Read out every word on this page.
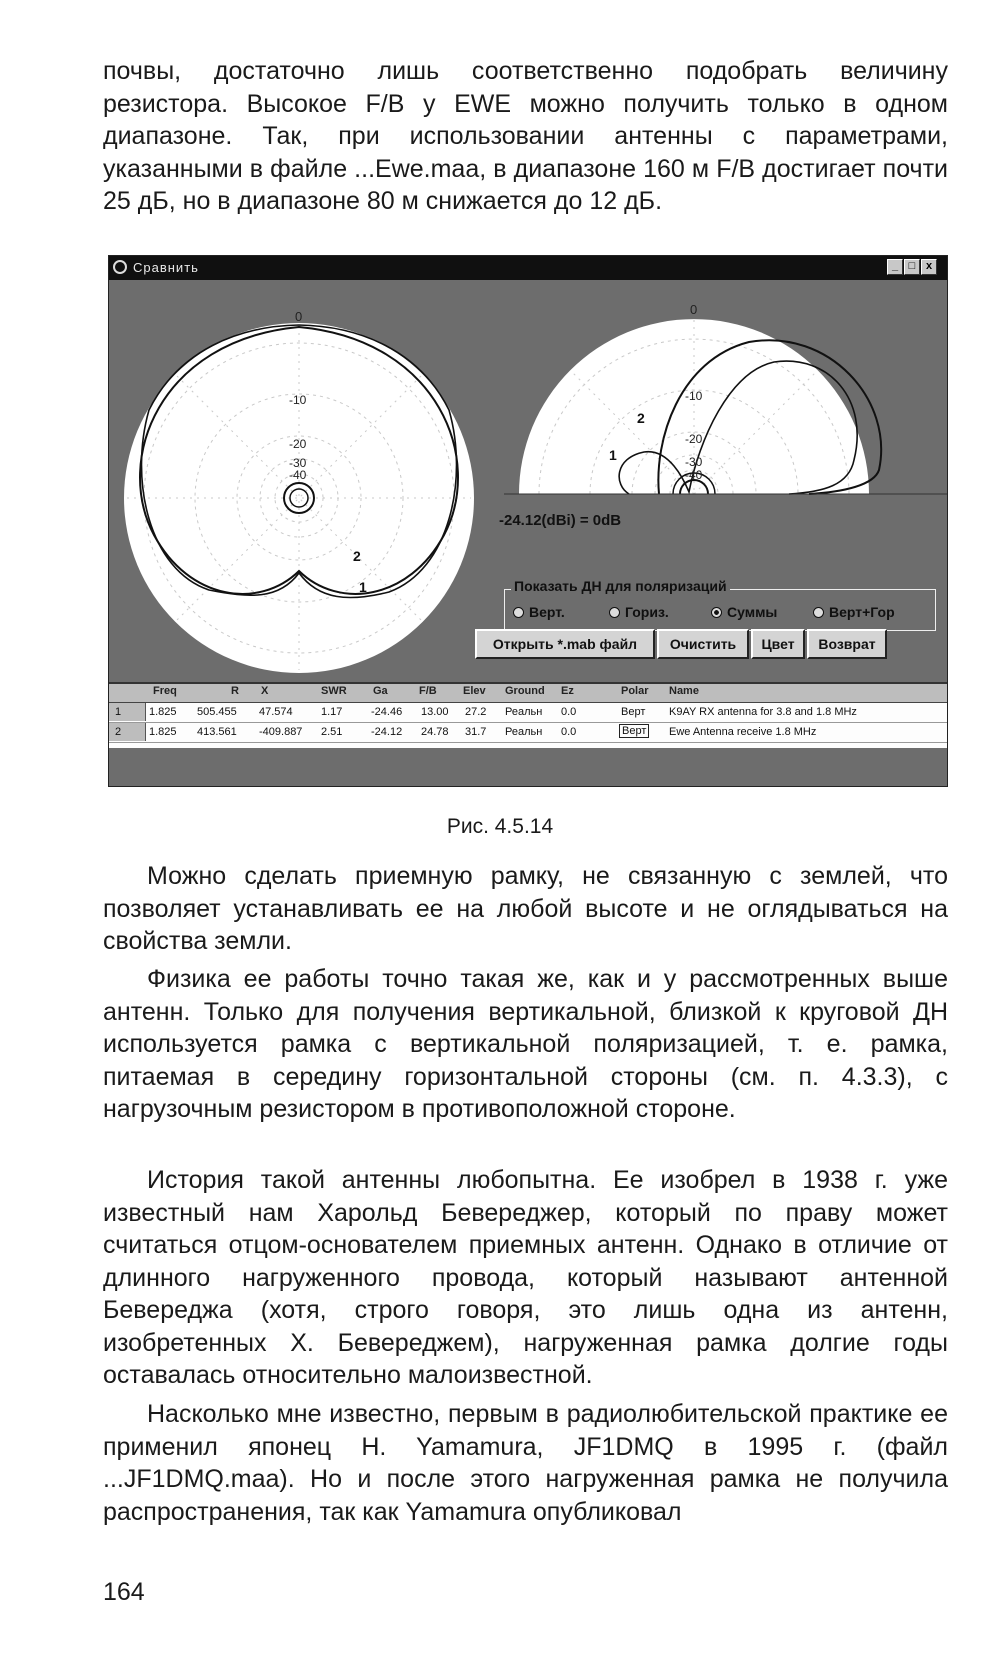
почвы, достаточно лишь соответственно подобрать величину резистора. Высокое F/B у EWE можно получить только в одном диапазоне. Так, при использовании антенны с параметрами, указанными в файле ...Ewe.maa, в диапазоне 160 м F/B достигает почти 25 дБ, но в диапазоне 80 м снижается до 12 дБ.

Сравнить	_ □ x
0
-10
-20
-30
-40
2
1
0
-10
-20
-30
-40
2
1
-24.12(dBi) = 0dB
Показать ДН для поляризаций
Верт.	Гориз.	Суммы	Верт+Гор
Открыть *.mab файл	Очистить	Цвет	Возврат
Freq	R X	SWR Ga	F/B Elev Ground Ez	Polar Name
1	1.825 505.455 47.574	1.17	-24.46 13.00 27.2 Реальн 0.0	Верт K9AY RX antenna for 3.8 and 1.8 MHz
2	1.825 413.561 -409.887 2.51	-24.12 24.78 31.7 Реальн 0.0	Верт Ewe Antenna receive 1.8 MHz
Рис. 4.5.14

Можно сделать приемную рамку, не связанную с землей, что позволяет устанавливать ее на любой высоте и не оглядываться на свойства земли.

Физика ее работы точно такая же, как и у рассмотренных выше антенн. Только для получения вертикальной, близкой к круговой ДН используется рамка с вертикальной поляризацией, т. е. рамка, питаемая в середину горизонтальной стороны (см. п. 4.3.3), с нагрузочным резистором в противоположной стороне.

История такой антенны любопытна. Ее изобрел в 1938 г. уже известный нам Харольд Бевереджер, который по праву может считаться отцом-основателем приемных антенн. Однако в отличие от длинного нагруженного провода, который называют антенной Бевереджа (хотя, строго говоря, это лишь одна из антенн, изобретенных Х. Бевереджем), нагруженная рамка долгие годы оставалась относительно малоизвестной.

Насколько мне известно, первым в радиолюбительской практике ее применил японец H. Yamamura, JF1DMQ в 1995 г. (файл ...JF1DMQ.maa). Но и после этого нагруженная рамка не получила распространения, так как Yamamura опубликовал

164
